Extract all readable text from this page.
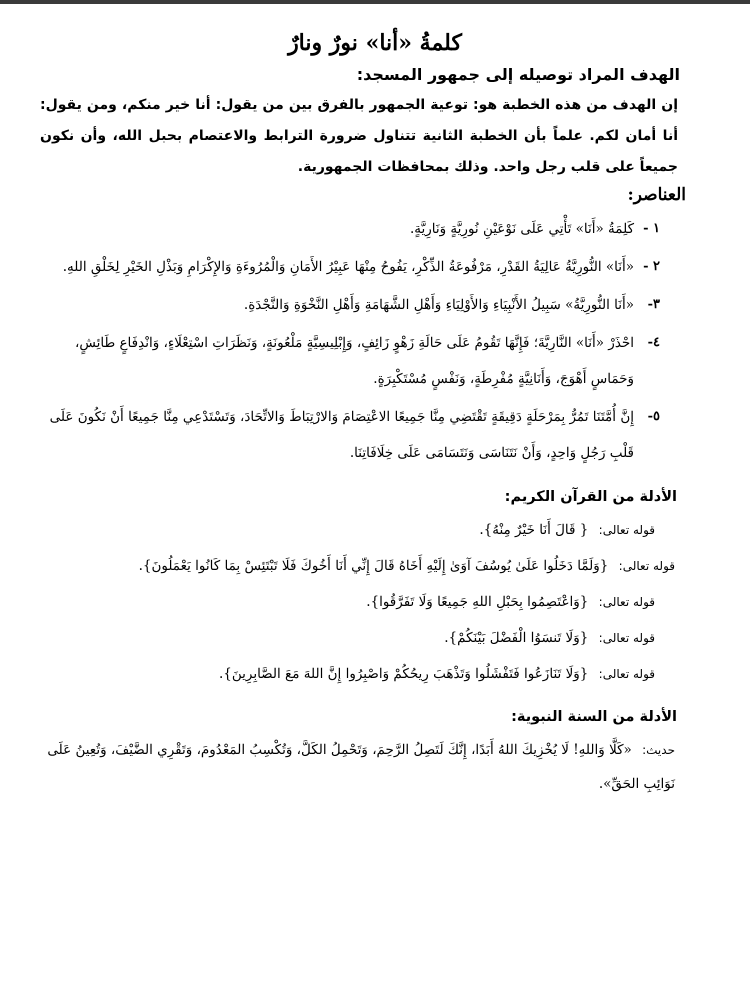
كلمةُ «أنا» نورٌ ونارٌ
الهدف المراد توصيله إلى جمهور المسجد:
إن الهدف من هذه الخطبة هو: توعية الجمهور بالفرق بين من يقول: أنا خير منكم، ومن يقول: أنا أمان لكم. علماً بأن الخطبة الثانية تتناول ضرورة الترابط والاعتصام بحبل الله، وأن نكون جميعاً على قلب رجل واحد. وذلك بمحافظات الجمهورية.
العناصر:
١ -
كَلِمَةُ «أَنَا» تَأْتِي عَلَى نَوْعَيْنِ نُورِيَّةٍ وَنَارِيَّةٍ.
٢ -
«أَنَا» النُّورِيَّةُ عَالِيَةُ القَدْرِ، مَرْفُوعَةُ الذِّكْرِ، يَفُوحُ مِنْهَا عَبِيْرُ الأَمَانِ وَالْمُرُوءَةِ وَالإِكْرَامِ وَبَذْلِ الخَيْرِ لِخَلْقِ اللهِ.
٣-
«أَنَا النُّورِيَّةُ» سَبِيلُ الأَنْبِيَاءِ وَالأَوْلِيَاءِ وَأَهْلِ الشَّهَامَةِ وَأَهْلِ النَّخْوَةِ وَالنَّجْدَةِ.
٤-
احْذَرْ «أَنَا» النَّارِيَّةَ؛ فَإِنَّهَا تَقُومُ عَلَى حَالَةِ زَهْوٍ زَائِفٍ، وَإِبْلِيسِيَّةٍ مَلْعُونَةٍ، وَنَظَرَاتِ اسْتِعْلَاءٍ، وَانْدِفَاعٍ طَائِشٍ، وَحَمَاسٍ أَهْوَجَ، وَأَنَانِيَّةٍ مُفْرِطَةٍ، وَنَفْسٍ مُسْتَكْبِرَةٍ.
٥-
إِنَّ أُمَّتَنَا تَمُرُّ بِمَرْحَلَةٍ دَقِيقَةٍ تَقْتَضِي مِنَّا جَمِيعًا الاعْتِصَامَ وَالارْتِبَاطَ وَالاتِّحَادَ، وَتَسْتَدْعِي مِنَّا جَمِيعًا أَنْ نَكُونَ عَلَى قَلْبِ رَجُلٍ وَاحِدٍ، وَأَنْ نَتَنَاسَى وَنَتَسَامَى عَلَى خِلَافَاتِنَا.
الأدلة من القرآن الكريم:
قوله تعالى: { قَالَ أَنَا خَيْرٌ مِنْهُ}.
قوله تعالى: {وَلَمَّا دَخَلُوا عَلَىٰ يُوسُفَ آوَىٰ إِلَيْهِ أَخَاهُ قَالَ إِنِّي أَنَا أَخُوكَ فَلَا تَبْتَئِسْ بِمَا كَانُوا يَعْمَلُونَ}.
قوله تعالى: {وَاعْتَصِمُوا بِحَبْلِ اللهِ جَمِيعًا وَلَا تَفَرَّقُوا}.
قوله تعالى: {وَلَا تَنسَوُا الْفَضْلَ بَيْنَكُمْ}.
قوله تعالى: {وَلَا تَنَازَعُوا فَتَفْشَلُوا وَتَذْهَبَ رِيحُكُمْ وَاصْبِرُوا إِنَّ اللهَ مَعَ الصَّابِرِينَ}.
الأدلة من السنة النبوية:
حديث: «كَلَّا وَاللهِ! لَا يُخْزِيكَ اللهُ أَبَدًا، إِنَّكَ لَتَصِلُ الرَّحِمَ، وَتَحْمِلُ الكَلَّ، وَتُكْسِبُ المَعْدُومَ، وَتَقْرِي الضَّيْفَ، وَتُعِينُ عَلَى نَوَائِبِ الحَقِّ».
